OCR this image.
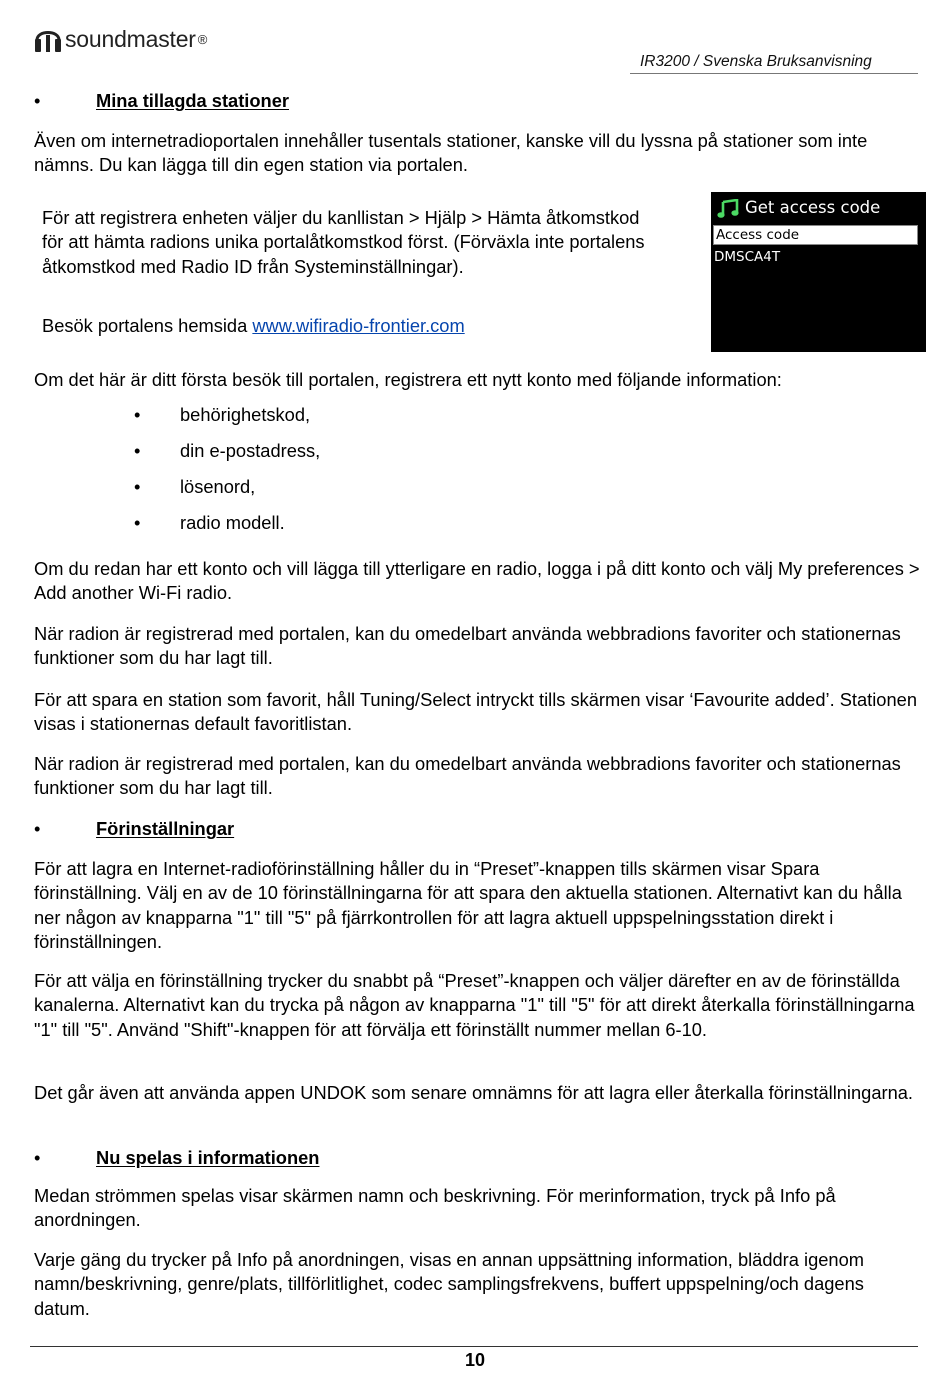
soundmaster ®
IR3200 / Svenska Bruksanvisning
•	Mina tillagda stationer

Även om internetradioportalen innehåller tusentals stationer, kanske vill du lyssna på stationer som inte nämns. Du kan lägga till din egen station via portalen.

För att registrera enheten väljer du kanllistan > Hjälp > Hämta åtkomstkod för att hämta radions unika portalåtkomstkod först. (Förväxla inte portalens åtkomstkod med Radio ID från Systeminställningar).

Besök portalens hemsida www.wifiradio-frontier.com

Get access code
Access code
DMSCA4T

Om det här är ditt första besök till portalen, registrera ett nytt konto med följande information:

•	behörighetskod,
•	din e-postadress,
•	lösenord,
•	radio modell.

Om du redan har ett konto och vill lägga till ytterligare en radio, logga i på ditt konto och välj My preferences > Add another Wi-Fi radio.

När radion är registrerad med portalen, kan du omedelbart använda webbradions favoriter och stationernas funktioner som du har lagt till.

För att spara en station som favorit, håll Tuning/Select intryckt tills skärmen visar ‘Favourite added’. Stationen visas i stationernas default favoritlistan.

När radion är registrerad med portalen, kan du omedelbart använda webbradions favoriter och stationernas funktioner som du har lagt till.

•	Förinställningar

För att lagra en Internet-radioförinställning håller du in “Preset”-knappen tills skärmen visar Spara förinställning. Välj en av de 10 förinställningarna för att spara den aktuella stationen. Alternativt kan du hålla ner någon av knapparna "1" till "5" på fjärrkontrollen för att lagra aktuell uppspelningsstation direkt i förinställningen.

För att välja en förinställning trycker du snabbt på “Preset”-knappen och väljer därefter en av de förinställda kanalerna. Alternativt kan du trycka på någon av knapparna "1" till "5" för att direkt återkalla förinställningarna "1" till "5". Använd "Shift"-knappen för att förvälja ett förinställt nummer mellan 6-10.

Det går även att använda appen UNDOK som senare omnämns för att lagra eller återkalla förinställningarna.

•	Nu spelas i informationen

Medan strömmen spelas visar skärmen namn och beskrivning. För merinformation, tryck på Info på anordningen.

Varje gäng du trycker på Info på anordningen, visas en annan uppsättning information, bläddra igenom namn/beskrivning, genre/plats, tillförlitlighet, codec samplingsfrekvens, buffert uppspelning/och dagens datum.

10
